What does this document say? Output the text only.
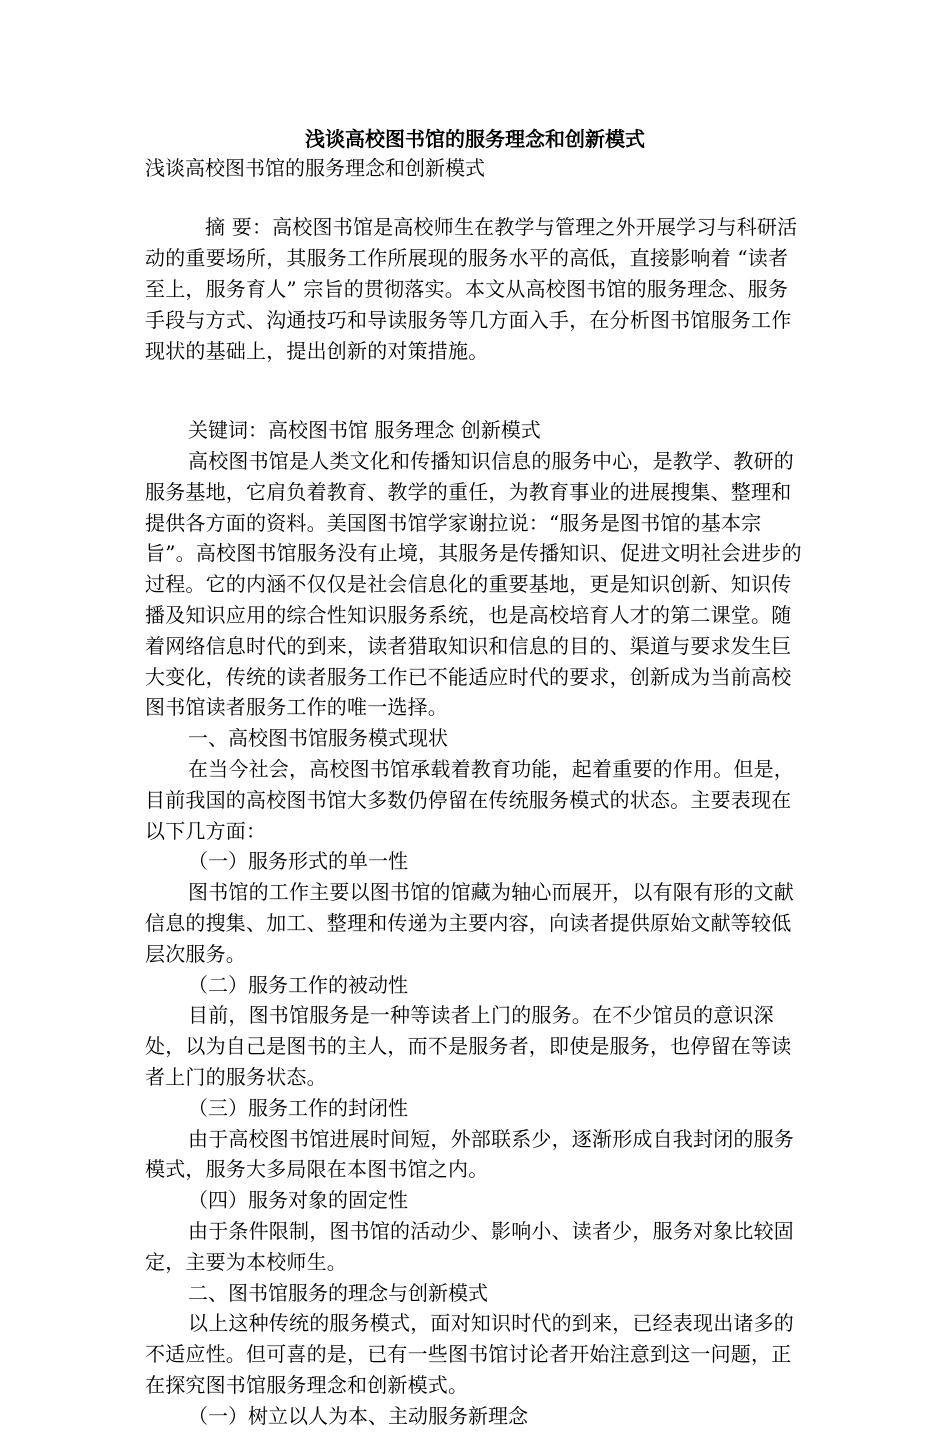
浅谈高校图书馆的服务理念和创新模式

浅谈高校图书馆的服务理念和创新模式

摘 要：高校图书馆是高校师生在教学与管理之外开展学习与科研活动的重要场所，其服务工作所展现的服务水平的高低，直接影响着 “读者至上，服务育人” 宗旨的贯彻落实。本文从高校图书馆的服务理念、服务手段与方式、沟通技巧和导读服务等几方面入手，在分析图书馆服务工作现状的基础上，提出创新的对策措施。

关键词：高校图书馆 服务理念 创新模式

高校图书馆是人类文化和传播知识信息的服务中心，是教学、教研的服务基地，它肩负着教育、教学的重任，为教育事业的进展搜集、整理和提供各方面的资料。美国图书馆学家谢拉说：“服务是图书馆的基本宗旨”。高校图书馆服务没有止境，其服务是传播知识、促进文明社会进步的过程。它的内涵不仅仅是社会信息化的重要基地，更是知识创新、知识传播及知识应用的综合性知识服务系统，也是高校培育人才的第二课堂。随着网络信息时代的到来，读者猎取知识和信息的目的、渠道与要求发生巨大变化，传统的读者服务工作已不能适应时代的要求，创新成为当前高校图书馆读者服务工作的唯一选择。

一、高校图书馆服务模式现状

在当今社会，高校图书馆承载着教育功能，起着重要的作用。但是，目前我国的高校图书馆大多数仍停留在传统服务模式的状态。主要表现在以下几方面：

（一）服务形式的单一性

图书馆的工作主要以图书馆的馆藏为轴心而展开，以有限有形的文献信息的搜集、加工、整理和传递为主要内容，向读者提供原始文献等较低层次服务。

（二）服务工作的被动性

目前，图书馆服务是一种等读者上门的服务。在不少馆员的意识深处，以为自己是图书的主人，而不是服务者，即使是服务，也停留在等读者上门的服务状态。

（三）服务工作的封闭性

由于高校图书馆进展时间短，外部联系少，逐渐形成自我封闭的服务模式，服务大多局限在本图书馆之内。

（四）服务对象的固定性

由于条件限制，图书馆的活动少、影响小、读者少，服务对象比较固定，主要为本校师生。

二、图书馆服务的理念与创新模式

以上这种传统的服务模式，面对知识时代的到来，已经表现出诸多的不适应性。但可喜的是，已有一些图书馆讨论者开始注意到这一问题，正在探究图书馆服务理念和创新模式。

（一）树立以人为本、主动服务新理念
